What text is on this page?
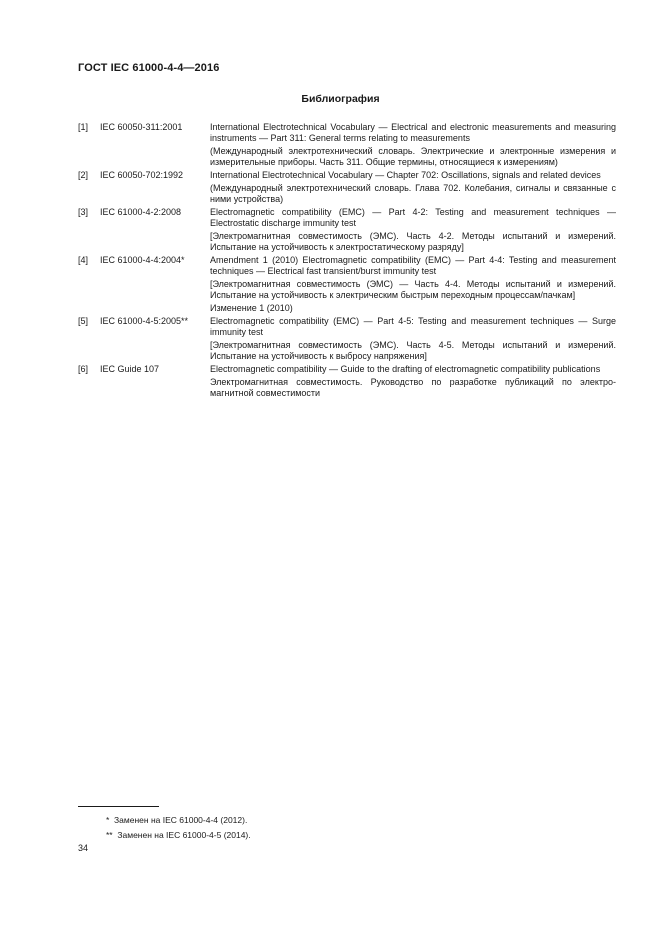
ГОСТ IEC 61000-4-4—2016
Библиография
[1] IEC 60050-311:2001	International Electrotechnical Vocabulary — Electrical and electronic measurements and measuring instruments — Part 311: General terms relating to measurements

(Международный электротехнический словарь. Электрические и электронные измерения и измерительные приборы. Часть 311. Общие термины, относящиеся к измерениям)

[2] IEC 60050-702:1992	International Electrotechnical Vocabulary — Chapter 702: Oscillations, signals and related devices

(Международный электротехнический словарь. Глава 702. Колебания, сигналы и связанные с ними устройства)

[3] IEC 61000-4-2:2008	Electromagnetic compatibility (EMC) — Part 4-2: Testing and measurement techniques — Electrostatic discharge immunity test

[Электромагнитная совместимость (ЭМС). Часть 4-2. Методы испытаний и измерений. Испытание на устойчивость к электростатическому разряду]

[4] IEC 61000-4-4:2004*	Amendment 1 (2010) Electromagnetic compatibility (EMC) — Part 4-4: Testing and measurement techniques — Electrical fast transient/burst immunity test

[Электромагнитная совместимость (ЭМС) — Часть 4-4. Методы испытаний и измерений. Испытание на устойчивость к электрическим быстрым переходным процессам/пачкам]

Изменение 1 (2010)

[5] IEC 61000-4-5:2005** Electromagnetic compatibility (EMC) — Part 4-5: Testing and measurement techniques — Surge immunity test

[Электромагнитная совместимость (ЭМС). Часть 4-5. Методы испытаний и измерений. Испытание на устойчивость к выбросу напряжения]

[6] IEC Guide 107	Electromagnetic compatibility — Guide to the drafting of electromagnetic compatibility publications

Электромагнитная совместимость. Руководство по разработке публикаций по электромагнитной совместимости

* Заменен на IEC 61000-4-4 (2012).
** Заменен на IEC 61000-4-5 (2014).
34
